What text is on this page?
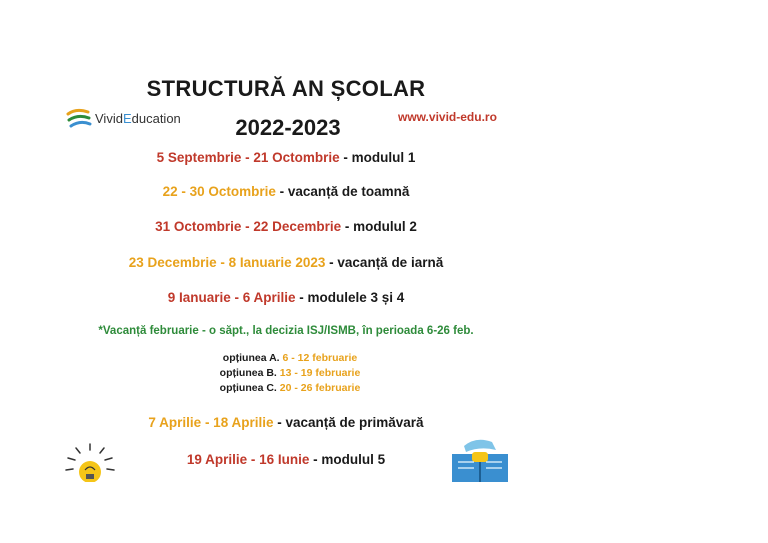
STRUCTURĂ AN ȘCOLAR
2022-2023
VividEducation	www.vivid-edu.ro
5 Septembrie - 21 Octombrie - modulul 1
22 - 30 Octombrie - vacanță de toamnă
31 Octombrie - 22 Decembrie - modulul 2
23 Decembrie - 8 Ianuarie 2023 - vacanță de iarnă
9 Ianuarie - 6 Aprilie - modulele 3 și 4
*Vacanță februarie - o săpt., la decizia ISJ/ISMB, în perioada 6-26 feb.
opțiunea A. 6 - 12 februarie
opțiunea B. 13 - 19 februarie
opțiunea C. 20 - 26 februarie
7 Aprilie - 18 Aprilie - vacanță de primăvară
19 Aprilie - 16 Iunie - modulul 5
